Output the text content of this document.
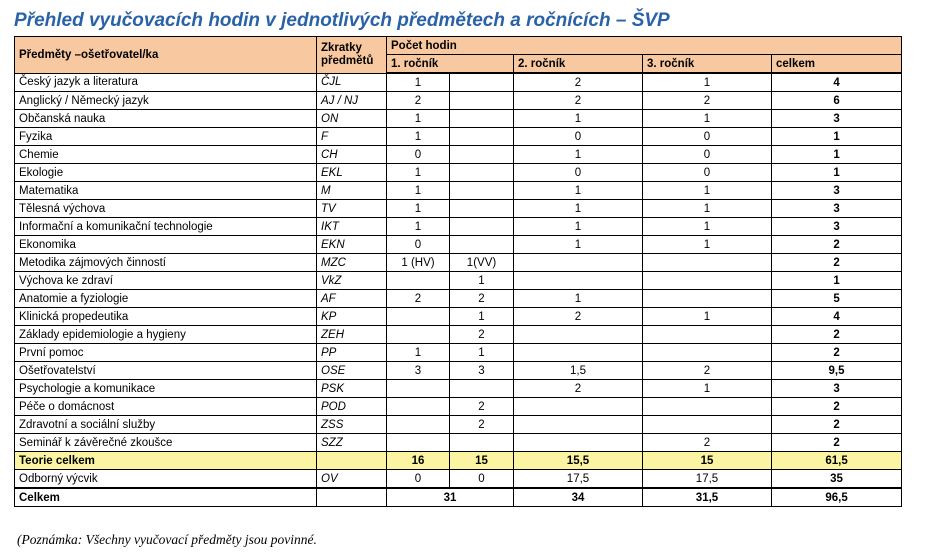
Přehled vyučovacích hodin v jednotlivých předmětech a ročnících – ŠVP
Předměty –ošetřovatel/ka	Zkratky
předmětů	Počet hodin				
		1. ročník		2. ročník	3. ročník	celkem
Český jazyk a literatura	ČJL	1		2	1	4
Anglický / Německý jazyk	AJ / NJ	2		2	2	6
Občanská nauka	ON	1		1	1	3
Fyzika	F	1		0	0	1
Chemie	CH	0		1	0	1
Ekologie	EKL	1		0	0	1
Matematika	M	1		1	1	3
Tělesná výchova	TV	1		1	1	3
Informační a komunikační technologie	IKT	1		1	1	3
Ekonomika	EKN	0		1	1	2
Metodika zájmových činností	MZC	1 (HV)	1(VV)			2
Výchova ke zdraví	VkZ		1			1
Anatomie a fyziologie	AF	2	2	1		5
Klinická propedeutika	KP		1	2	1	4
Základy epidemiologie a hygieny	ZEH		2			2
První pomoc	PP	1	1			2
Ošetřovatelství	OSE	3	3	1,5	2	9,5
Psychologie a komunikace	PSK			2	1	3
Péče o domácnost	POD		2			2
Zdravotní a sociální služby	ZSS		2			2
Seminář k závěrečné zkoušce	SZZ				2	2
Teorie celkem		16	15	15,5	15	61,5
Odborný výcvik	OV	0	0	17,5	17,5	35
Celkem		31		34	31,5	96,5
(Poznámka: Všechny vyučovací předměty jsou povinné.
